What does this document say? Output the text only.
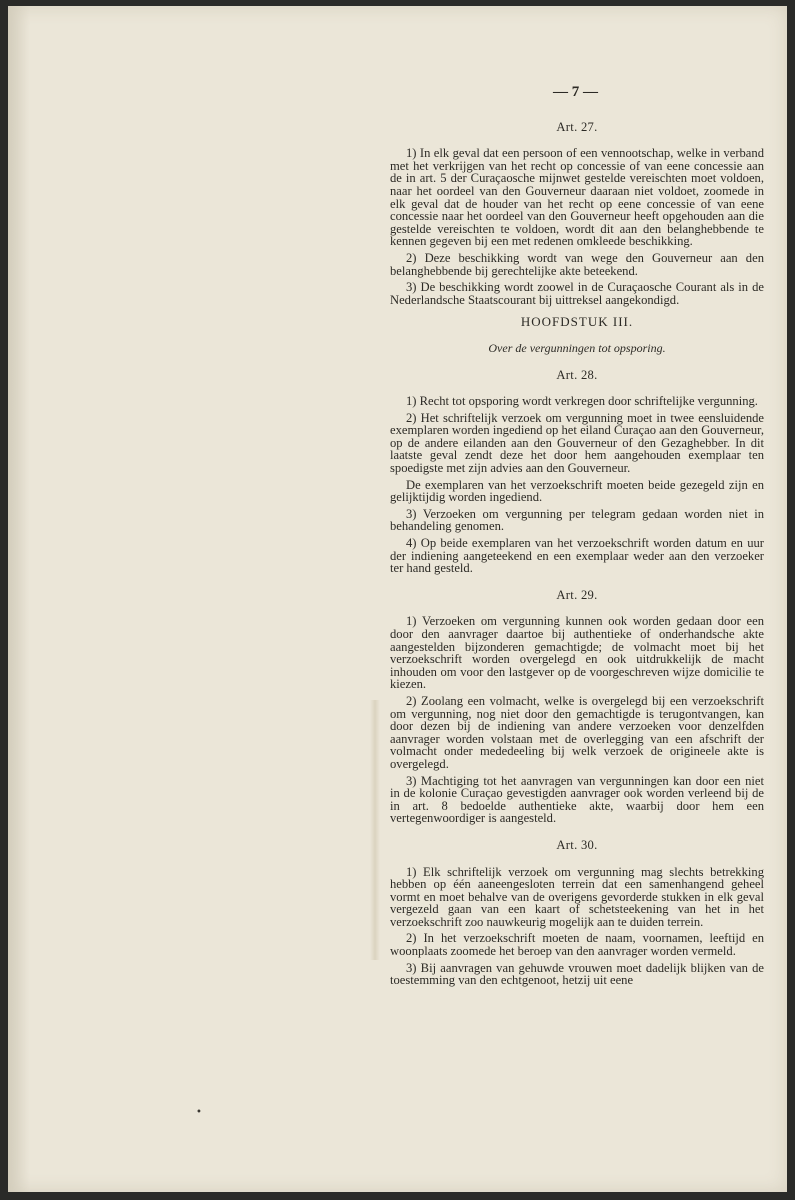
— 7 —
Art. 27.

1) In elk geval dat een persoon of een vennootschap, welke in verband met het verkrijgen van het recht op concessie of van eene concessie aan de in art. 5 der Curaçaosche mijnwet gestelde vereischten moet voldoen, naar het oordeel van den Gouverneur daaraan niet voldoet, zoomede in elk geval dat de houder van het recht op eene concessie of van eene concessie naar het oordeel van den Gouverneur heeft opgehouden aan die gestelde vereischten te voldoen, wordt dit aan den belanghebbende te kennen gegeven bij een met redenen omkleede beschikking.

2) Deze beschikking wordt van wege den Gouverneur aan den belanghebbende bij gerechtelijke akte beteekend.

3) De beschikking wordt zoowel in de Curaçaosche Courant als in de Nederlandsche Staatscourant bij uittreksel aangekondigd.

HOOFDSTUK III.
Over de vergunningen tot opsporing.
Art. 28.

1) Recht tot opsporing wordt verkregen door schriftelijke vergunning.

2) Het schriftelijk verzoek om vergunning moet in twee eensluidende exemplaren worden ingediend op het eiland Curaçao aan den Gouverneur, op de andere eilanden aan den Gouverneur of den Gezaghebber. In dit laatste geval zendt deze het door hem aangehouden exemplaar ten spoedigste met zijn advies aan den Gouverneur.

De exemplaren van het verzoekschrift moeten beide gezegeld zijn en gelijktijdig worden ingediend.

3) Verzoeken om vergunning per telegram gedaan worden niet in behandeling genomen.

4) Op beide exemplaren van het verzoekschrift worden datum en uur der indiening aangeteekend en een exemplaar weder aan den verzoeker ter hand gesteld.

Art. 29.

1) Verzoeken om vergunning kunnen ook worden gedaan door een door den aanvrager daartoe bij authentieke of onderhandsche akte aangestelden bijzonderen gemachtigde; de volmacht moet bij het verzoekschrift worden overgelegd en ook uitdrukkelijk de macht inhouden om voor den lastgever op de voorgeschreven wijze domicilie te kiezen.

2) Zoolang een volmacht, welke is overgelegd bij een verzoekschrift om vergunning, nog niet door den gemachtigde is terugontvangen, kan door dezen bij de indiening van andere verzoeken voor denzelfden aanvrager worden volstaan met de overlegging van een afschrift der volmacht onder mededeeling bij welk verzoek de origineele akte is overgelegd.

3) Machtiging tot het aanvragen van vergunningen kan door een niet in de kolonie Curaçao gevestigden aanvrager ook worden verleend bij de in art. 8 bedoelde authentieke akte, waarbij door hem een vertegenwoordiger is aangesteld.

Art. 30.

1) Elk schriftelijk verzoek om vergunning mag slechts betrekking hebben op één aaneengesloten terrein dat een samenhangend geheel vormt en moet behalve van de overigens gevorderde stukken in elk geval vergezeld gaan van een kaart of schetsteekening van het in het verzoekschrift zoo nauwkeurig mogelijk aan te duiden terrein.

2) In het verzoekschrift moeten de naam, voornamen, leeftijd en woonplaats zoomede het beroep van den aanvrager worden vermeld.

3) Bij aanvragen van gehuwde vrouwen moet dadelijk blijken van de toestemming van den echtgenoot, hetzij uit eene

•
